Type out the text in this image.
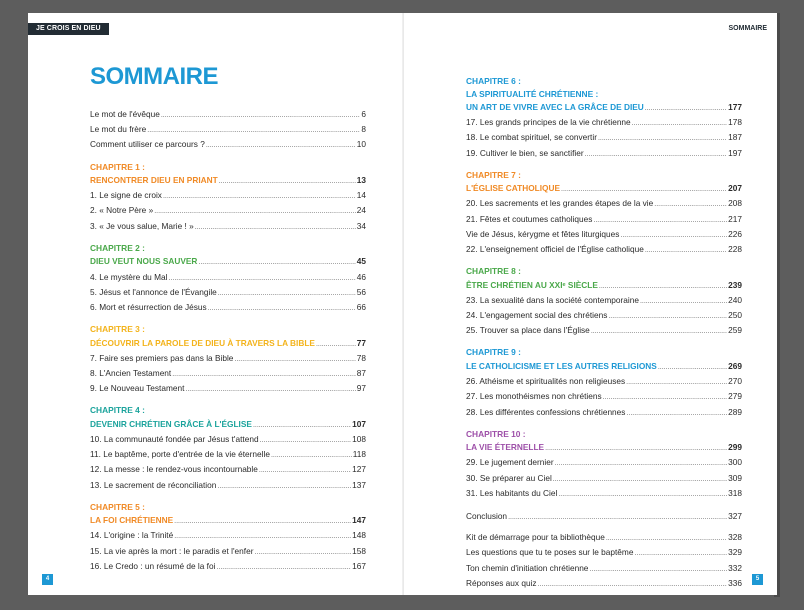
JE CROIS EN DIEU	SOMMAIRE
4	5
SOMMAIRE
Le mot de l'évêque .....	6
Le mot du frère .....	8
Comment utiliser ce parcours ? .....	10
CHAPITRE 1 :
RENCONTRER DIEU EN PRIANT .....	13
1. Le signe de croix .....	14
2. « Notre Père » .....	24
3. « Je vous salue, Marie ! » .....	34
CHAPITRE 2 :
DIEU VEUT NOUS SAUVER .....	45
4. Le mystère du Mal .....	46
5. Jésus et l'annonce de l'Évangile .....	56
6. Mort et résurrection de Jésus .....	66
CHAPITRE 3 :
DÉCOUVRIR LA PAROLE DE DIEU À TRAVERS LA BIBLE .....	77
7. Faire ses premiers pas dans la Bible .....	78
8. L'Ancien Testament .....	87
9. Le Nouveau Testament .....	97
CHAPITRE 4 :
DEVENIR CHRÉTIEN GRÂCE À L'ÉGLISE .....	107
10. La communauté fondée par Jésus t'attend .....	108
11. Le baptême, porte d'entrée de la vie éternelle .....	118
12. La messe : le rendez-vous incontournable .....	127
13. Le sacrement de réconciliation .....	137
CHAPITRE 5 :
LA FOI CHRÉTIENNE .....	147
14. L'origine : la Trinité .....	148
15. La vie après la mort : le paradis et l'enfer .....	158
16. Le Credo : un résumé de la foi .....	167
CHAPITRE 6 :
LA SPIRITUALITÉ CHRÉTIENNE :
UN ART DE VIVRE AVEC LA GRÂCE DE DIEU .....	177
17. Les grands principes de la vie chrétienne .....	178
18. Le combat spirituel, se convertir .....	187
19. Cultiver le bien, se sanctifier .....	197
CHAPITRE 7 :
L'ÉGLISE CATHOLIQUE .....	207
20. Les sacrements et les grandes étapes de la vie .....	208
21. Fêtes et coutumes catholiques .....	217
Vie de Jésus, kérygme et fêtes liturgiques .....	226
22. L'enseignement officiel de l'Église catholique .....	228
CHAPITRE 8 :
ÊTRE CHRÉTIEN AU XXIᵉ SIÈCLE .....	239
23. La sexualité dans la société contemporaine .....	240
24. L'engagement social des chrétiens .....	250
25. Trouver sa place dans l'Église .....	259
CHAPITRE 9 :
LE CATHOLICISME ET LES AUTRES RELIGIONS .....	269
26. Athéisme et spiritualités non religieuses .....	270
27. Les monothéismes non chrétiens .....	279
28. Les différentes confessions chrétiennes .....	289
CHAPITRE 10 :
LA VIE ÉTERNELLE .....	299
29. Le jugement dernier .....	300
30. Se préparer au Ciel .....	309
31. Les habitants du Ciel .....	318
Conclusion .....	327
Kit de démarrage pour ta bibliothèque .....	328
Les questions que tu te poses sur le baptême .....	329
Ton chemin d'initiation chrétienne .....	332
Réponses aux quiz .....	336
